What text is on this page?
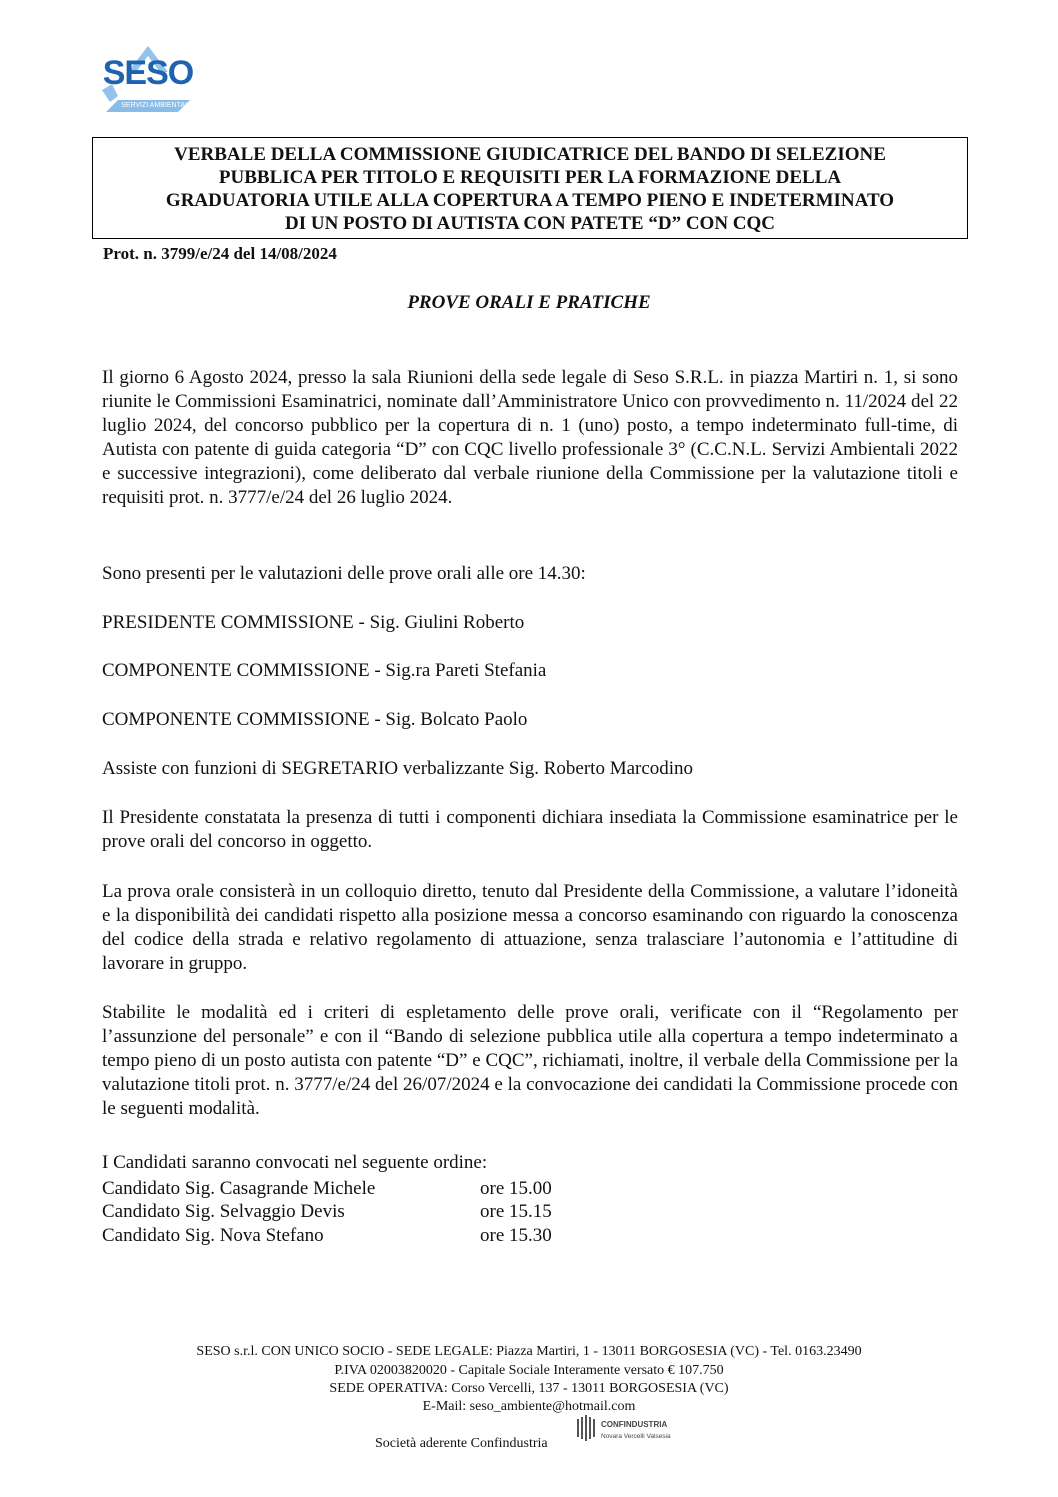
SESO
SERVIZI AMBIENTALI

VERBALE DELLA COMMISSIONE GIUDICATRICE DEL BANDO DI SELEZIONE
PUBBLICA PER TITOLO E REQUISITI PER LA FORMAZIONE DELLA
GRADUATORIA UTILE ALLA COPERTURA A TEMPO PIENO E INDETERMINATO
DI UN POSTO DI AUTISTA CON PATETE “D” CON CQC

Prot. n. 3799/e/24 del 14/08/2024
PROVE ORALI E PRATICHE

Il giorno 6 Agosto 2024, presso la sala Riunioni della sede legale di Seso S.R.L. in piazza Martiri n. 1, si sono riunite le Commissioni Esaminatrici, nominate dall’Amministratore Unico con provvedimento n. 11/2024 del 22 luglio 2024, del concorso pubblico per la copertura di n. 1 (uno) posto, a tempo indeterminato full-time, di Autista con patente di guida categoria “D” con CQC livello professionale 3° (C.C.N.L. Servizi Ambientali 2022 e successive integrazioni), come deliberato dal verbale riunione della Commissione per la valutazione titoli e requisiti prot. n. 3777/e/24 del 26 luglio 2024.

Sono presenti per le valutazioni delle prove orali alle ore 14.30:

PRESIDENTE COMMISSIONE - Sig. Giulini Roberto

COMPONENTE COMMISSIONE - Sig.ra Pareti Stefania

COMPONENTE COMMISSIONE - Sig. Bolcato Paolo

Assiste con funzioni di SEGRETARIO verbalizzante Sig. Roberto Marcodino

Il Presidente constatata la presenza di tutti i componenti dichiara insediata la Commissione esaminatrice per le prove orali del concorso in oggetto.

La prova orale consisterà in un colloquio diretto, tenuto dal Presidente della Commissione, a valutare l’idoneità e la disponibilità dei candidati rispetto alla posizione messa a concorso esaminando con riguardo la conoscenza del codice della strada e relativo regolamento di attuazione, senza tralasciare l’autonomia e l’attitudine di lavorare in gruppo.

Stabilite le modalità ed i criteri di espletamento delle prove orali, verificate con il “Regolamento per l’assunzione del personale” e con il “Bando di selezione pubblica utile alla copertura a tempo indeterminato a tempo pieno di un posto autista con patente “D” e CQC”, richiamati, inoltre, il verbale della Commissione per la valutazione titoli prot. n. 3777/e/24 del 26/07/2024 e la convocazione dei candidati la Commissione procede con le seguenti modalità.

I Candidati saranno convocati nel seguente ordine:

Candidato Sig. Casagrande Michele	ore 15.00
Candidato Sig. Selvaggio Devis	ore 15.15
Candidato Sig. Nova Stefano	ore 15.30
SESO s.r.l. CON UNICO SOCIO - SEDE LEGALE: Piazza Martiri, 1 - 13011 BORGOSESIA (VC) - Tel. 0163.23490
P.IVA 02003820020 - Capitale Sociale Interamente versato € 107.750
SEDE OPERATIVA: Corso Vercelli, 137 - 13011 BORGOSESIA (VC)
E-Mail: seso_ambiente@hotmail.com
Società aderente Confindustria
CONFINDUSTRIA
Novara Vercelli Valsesia
